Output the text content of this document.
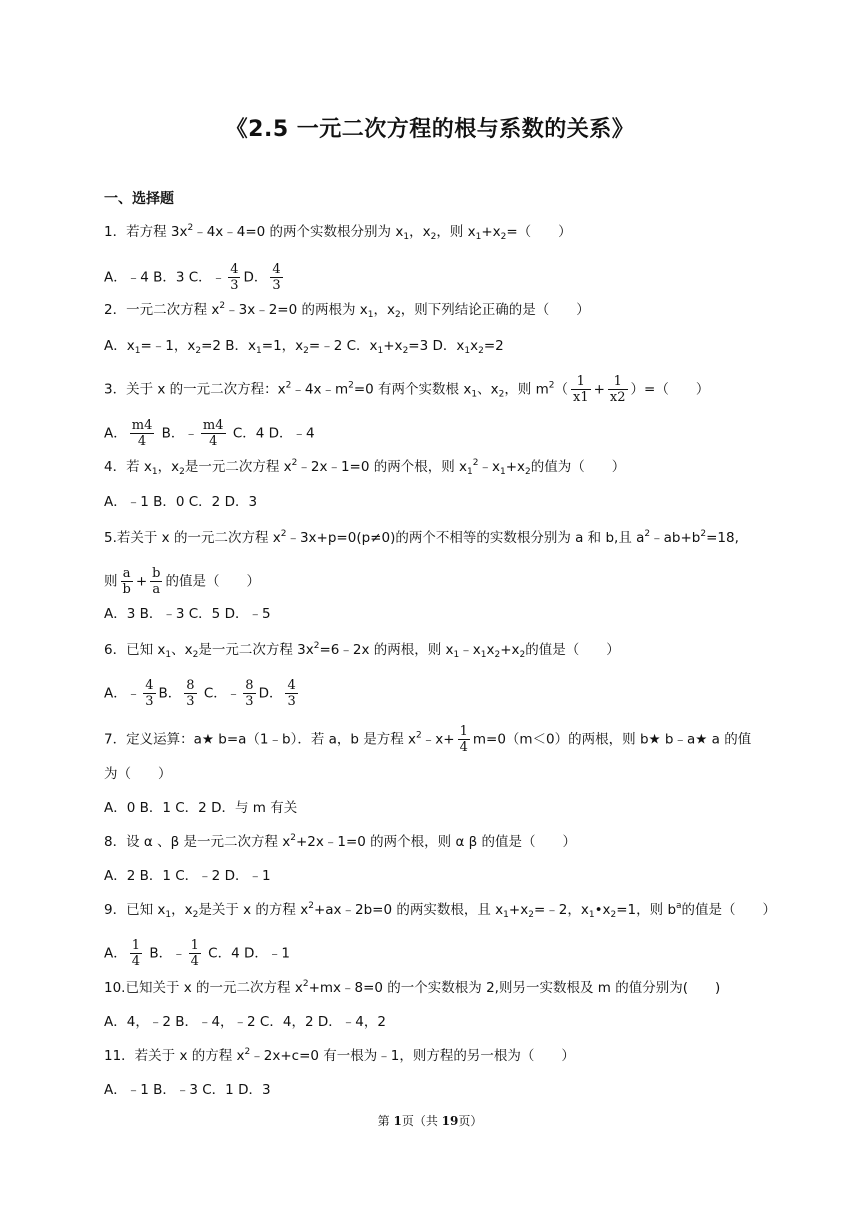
《2.5 一元二次方程的根与系数的关系》
一、选择题
1．若方程 $3x^2﹣4x﹣4=0$ 的两个实数根分别为 $x_1$，$x_2$，则 $x_1+x_2=$（　　）
A．﹣4 B．3 C．﹣ $\frac{4}{3}$ D． $\frac{4}{3}$
2．一元二次方程 $x^2﹣3x﹣2=0$ 的两根为 $x_1$，$x_2$，则下列结论正确的是（　　）
A．$x_1=﹣1$，$x_2=2$ B．$x_1=1$，$x_2=﹣2$ C．$x_1+x_2=3$ D．$x_1x_2=2$
3．关于 x 的一元二次方程：$x^2﹣4x﹣m^2=0$ 有两个实数根 $x_1$、$x_2$，则 $m^2( \frac{1}{x1} + \frac{1}{x2}$ ）=（　　）
A． $\frac{m4}{4}$ B．﹣ $\frac{m4}{4}$ C．4 D．﹣4
4．若 $x_1$，$x_2$是一元二次方程 $x^2﹣2x﹣1=0$ 的两个根，则 $x_1^2﹣x_1+x_2$的值为（　　）
A．﹣1 B．0 C．2 D．3
5.若关于 x 的一元二次方程 $x^2﹣3x+p=0(p\ne 0)$的两个不相等的实数根分别为 a 和 b,且 $a^2﹣ab+b^2=18$,
则 $\frac{a}{b} + \frac{b}{a}$ 的值是（　　）
A．3 B．﹣3 C．5 D．﹣5
6．已知 $x_1$、$x_2$是一元二次方程 $3x^2=6﹣2x$ 的两根，则 $x_1﹣x_1x_2+x_2$的值是（　　）
A．﹣ $\frac{4}{3}$ B． $\frac{8}{3}$ C．﹣ $\frac{8}{3}$ D． $\frac{4}{3}$
7．定义运算：a★ b=a（1﹣b）．若 a，b 是方程 $x^2﹣x+ \frac{1}{4} m=0(m<0)$的两根，则 b★ b﹣a★ a 的值
为（　　）
A．0 B．1 C．2 D．与 m 有关
8．设 α 、β 是一元二次方程 $x^2+2x﹣1=0$ 的两个根，则 α β 的值是（　　）
A．2 B．1 C．﹣2 D．﹣1
9．已知 $x_1$，$x_2$是关于 x 的方程 $x^2+ax﹣2b=0$ 的两实数根，且 $x_1+x_2=﹣2$，$x_1•x_2=1$，则 $b^a$的值是（　　）
A． $\frac{1}{4}$ B．﹣ $\frac{1}{4}$ C．4 D．﹣1
10.已知关于 x 的一元二次方程 $x^2+mx﹣8=0$ 的一个实数根为 2,则另一实数根及 m 的值分别为(　　)
A．4，﹣2 B．﹣4，﹣2 C．4，2 D．﹣4，2
11．若关于 x 的方程 $x^2﹣2x+c=0$ 有一根为﹣1，则方程的另一根为（　　）
A．﹣1 B．﹣3 C．1 D．3
第 1页（共 19页）
